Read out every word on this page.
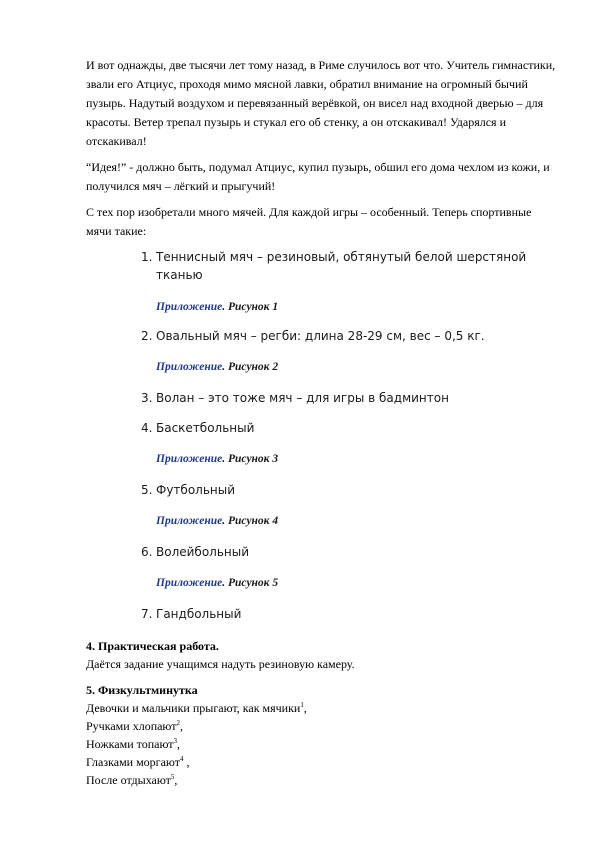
И вот однажды, две тысячи лет тому назад, в Риме случилось вот что. Учитель гимнастики, звали его Атциус, проходя мимо мясной лавки, обратил внимание на огромный бычий пузырь. Надутый воздухом и перевязанный верёвкой, он висел над входной дверью – для красоты. Ветер трепал пузырь и стукал его об стенку, а он отскакивал! Ударялся и отскакивал!

“Идея!” - должно быть, подумал Атциус, купил пузырь, обшил его дома чехлом из кожи, и получился мяч – лёгкий и прыгучий!

С тех пор изобретали много мячей. Для каждой игры – особенный. Теперь спортивные мячи такие:

1. Теннисный мяч – резиновый, обтянутый белой шерстяной тканью
Приложение. Рисунок 1
2. Овальный мяч – регби: длина 28-29 см, вес – 0,5 кг.
Приложение. Рисунок 2
3. Волан – это тоже мяч – для игры в бадминтон
4. Баскетбольный
Приложение. Рисунок 3
5. Футбольный
Приложение. Рисунок 4
6. Волейбольный
Приложение. Рисунок 5
7. Гандбольный

4. Практическая работа.

Даётся задание учащимся надуть резиновую камеру.

5. Физкультминутка

Девочки и мальчики прыгают, как мячики$^1$,

Ручками хлопают$^2$,

Ножками топают$^3$,

Глазками моргают$^4$ ,

После отдыхают$^5$,
